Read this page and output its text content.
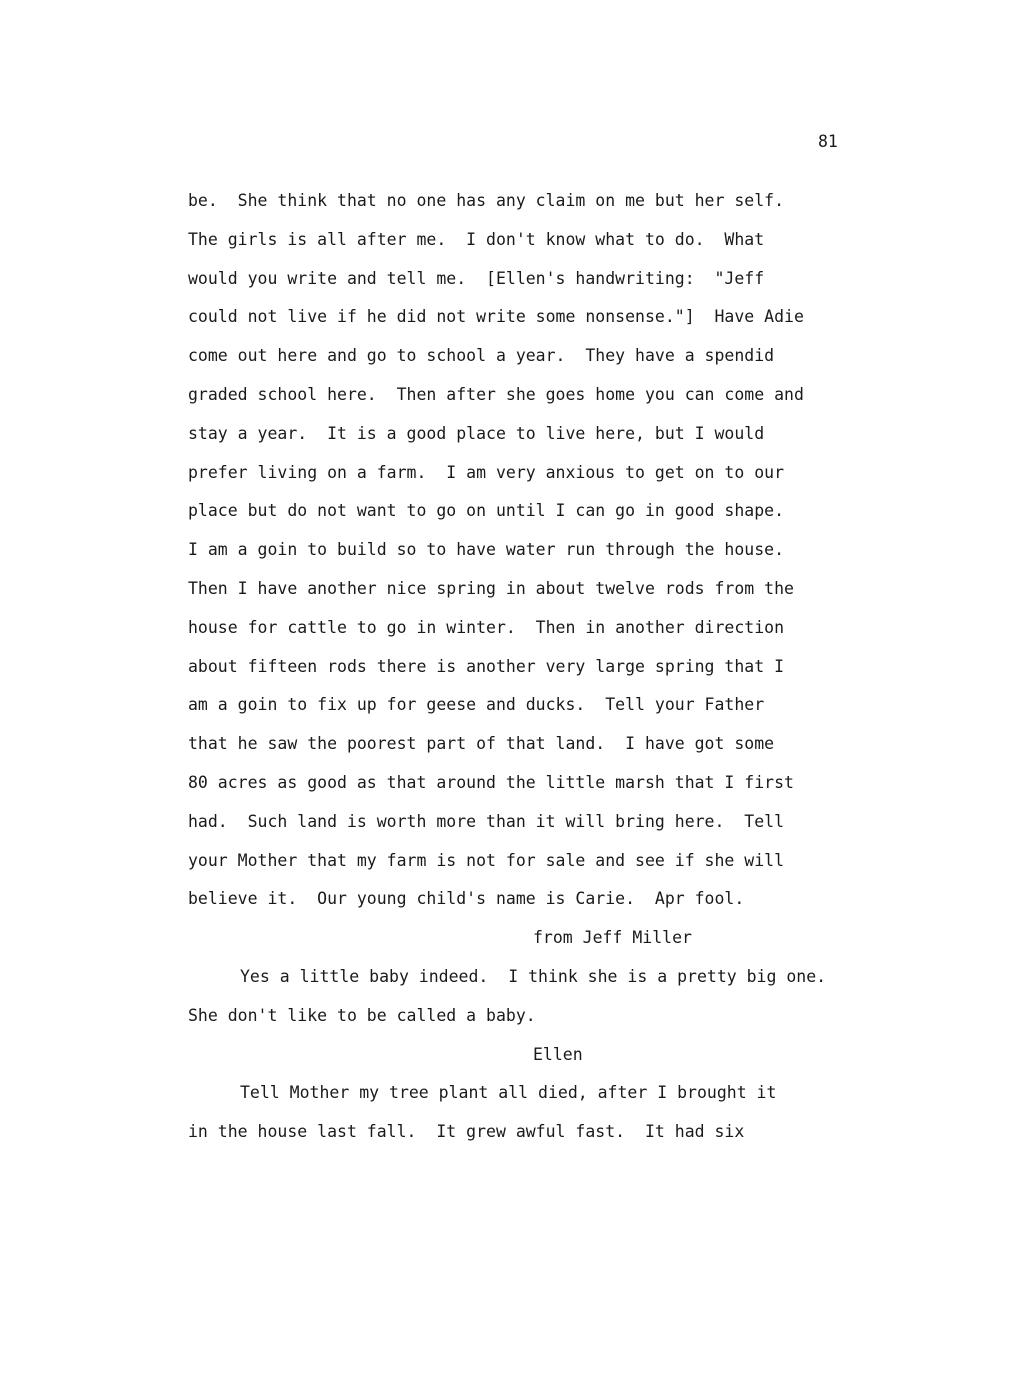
81
be.  She think that no one has any claim on me but her self.
The girls is all after me.  I don't know what to do.  What
would you write and tell me.  [Ellen's handwriting:  "Jeff
could not live if he did not write some nonsense."]  Have Adie
come out here and go to school a year.  They have a spendid
graded school here.  Then after she goes home you can come and
stay a year.  It is a good place to live here, but I would
prefer living on a farm.  I am very anxious to get on to our
place but do not want to go on until I can go in good shape.
I am a goin to build so to have water run through the house.
Then I have another nice spring in about twelve rods from the
house for cattle to go in winter.  Then in another direction
about fifteen rods there is another very large spring that I
am a goin to fix up for geese and ducks.  Tell your Father
that he saw the poorest part of that land.  I have got some
80 acres as good as that around the little marsh that I first
had.  Such land is worth more than it will bring here.  Tell
your Mother that my farm is not for sale and see if she will
believe it.  Our young child's name is Carie.  Apr fool.
from Jeff Miller
Yes a little baby indeed.  I think she is a pretty big one.
She don't like to be called a baby.
Ellen
Tell Mother my tree plant all died, after I brought it
in the house last fall.  It grew awful fast.  It had six
